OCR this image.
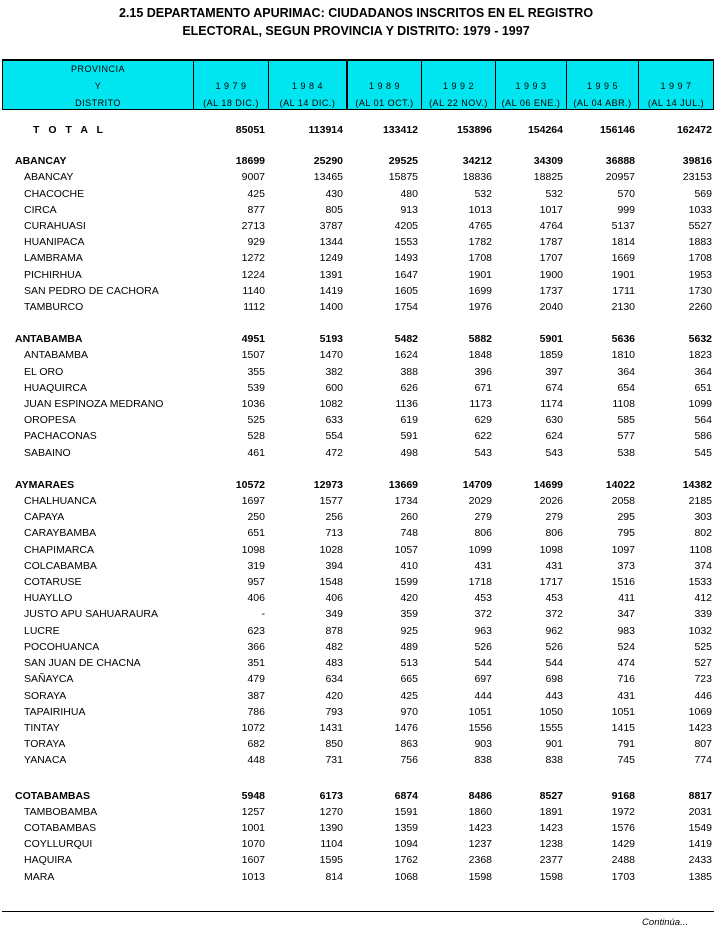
2.15 DEPARTAMENTO APURIMAC: CIUDADANOS INSCRITOS EN EL REGISTRO
ELECTORAL, SEGUN PROVINCIA Y DISTRITO: 1979 - 1997
PROVINCIA
Y
DISTRITO
1 9 7 9
(AL 18 DIC.)
1 9 8 4
(AL 14 DIC.)
1 9 8 9
(AL 01 OCT.)
1 9 9 2
(AL 22 NOV.)
1 9 9 3
(AL 06 ENE.)
1 9 9 5
(AL 04 ABR.)
1 9 9 7
(AL 14 JUL.)
T O T A L	85051	113914	133412	153896	154264	156146	162472

ABANCAY	18699	25290	29525	34212	34309	36888	39816
ABANCAY	9007	13465	15875	18836	18825	20957	23153
CHACOCHE	425	430	480	532	532	570	569
CIRCA	877	805	913	1013	1017	999	1033
CURAHUASI	2713	3787	4205	4765	4764	5137	5527
HUANIPACA	929	1344	1553	1782	1787	1814	1883
LAMBRAMA	1272	1249	1493	1708	1707	1669	1708
PICHIRHUA	1224	1391	1647	1901	1900	1901	1953
SAN PEDRO DE CACHORA	1140	1419	1605	1699	1737	1711	1730
TAMBURCO	1112	1400	1754	1976	2040	2130	2260

ANTABAMBA	4951	5193	5482	5882	5901	5636	5632
ANTABAMBA	1507	1470	1624	1848	1859	1810	1823
EL ORO	355	382	388	396	397	364	364
HUAQUIRCA	539	600	626	671	674	654	651
JUAN ESPINOZA MEDRANO	1036	1082	1136	1173	1174	1108	1099
OROPESA	525	633	619	629	630	585	564
PACHACONAS	528	554	591	622	624	577	586
SABAINO	461	472	498	543	543	538	545

AYMARAES	10572	12973	13669	14709	14699	14022	14382
CHALHUANCA	1697	1577	1734	2029	2026	2058	2185
CAPAYA	250	256	260	279	279	295	303
CARAYBAMBA	651	713	748	806	806	795	802
CHAPIMARCA	1098	1028	1057	1099	1098	1097	1108
COLCABAMBA	319	394	410	431	431	373	374
COTARUSE	957	1548	1599	1718	1717	1516	1533
HUAYLLO	406	406	420	453	453	411	412
JUSTO APU SAHUARAURA	-	349	359	372	372	347	339
LUCRE	623	878	925	963	962	983	1032
POCOHUANCA	366	482	489	526	526	524	525
SAN JUAN DE CHACNA	351	483	513	544	544	474	527
SAÑAYCA	479	634	665	697	698	716	723
SORAYA	387	420	425	444	443	431	446
TAPAIRIHUA	786	793	970	1051	1050	1051	1069
TINTAY	1072	1431	1476	1556	1555	1415	1423
TORAYA	682	850	863	903	901	791	807
YANACA	448	731	756	838	838	745	774

COTABAMBAS	5948	6173	6874	8486	8527	9168	8817
TAMBOBAMBA	1257	1270	1591	1860	1891	1972	2031
COTABAMBAS	1001	1390	1359	1423	1423	1576	1549
COYLLURQUI	1070	1104	1094	1237	1238	1429	1419
HAQUIRA	1607	1595	1762	2368	2377	2488	2433
MARA	1013	814	1068	1598	1598	1703	1385
Continúa...
